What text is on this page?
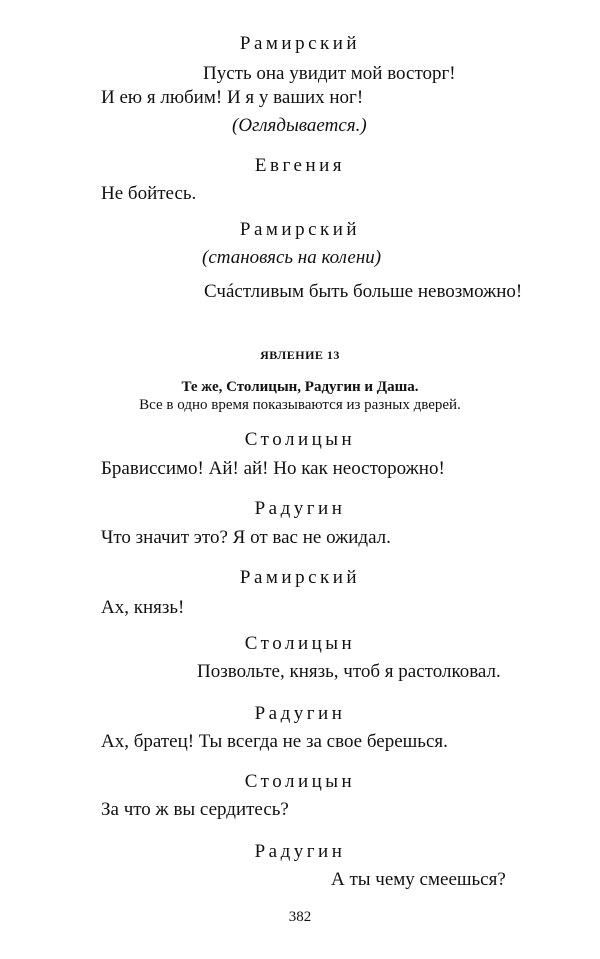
Рамирский
Пусть она увидит мой восторг!
И ею я любим! И я у ваших ног!
(Оглядывается.)
Евгения
Не бойтесь.
Рамирский
(становясь на колени)
Счáстливым быть больше невозможно!
ЯВЛЕНИЕ 13
Те же, Столицын, Радугин и Даша.
Все в одно время показываются из разных дверей.
Столицын
Брависсимо! Ай! ай! Но как неосторожно!
Радугин
Что значит это? Я от вас не ожидал.
Рамирский
Ах, князь!
Столицын
Позвольте, князь, чтоб я растолковал.
Радугин
Ах, братец! Ты всегда не за свое берешься.
Столицын
За что ж вы сердитесь?
Радугин
А ты чему смеешься?
382
